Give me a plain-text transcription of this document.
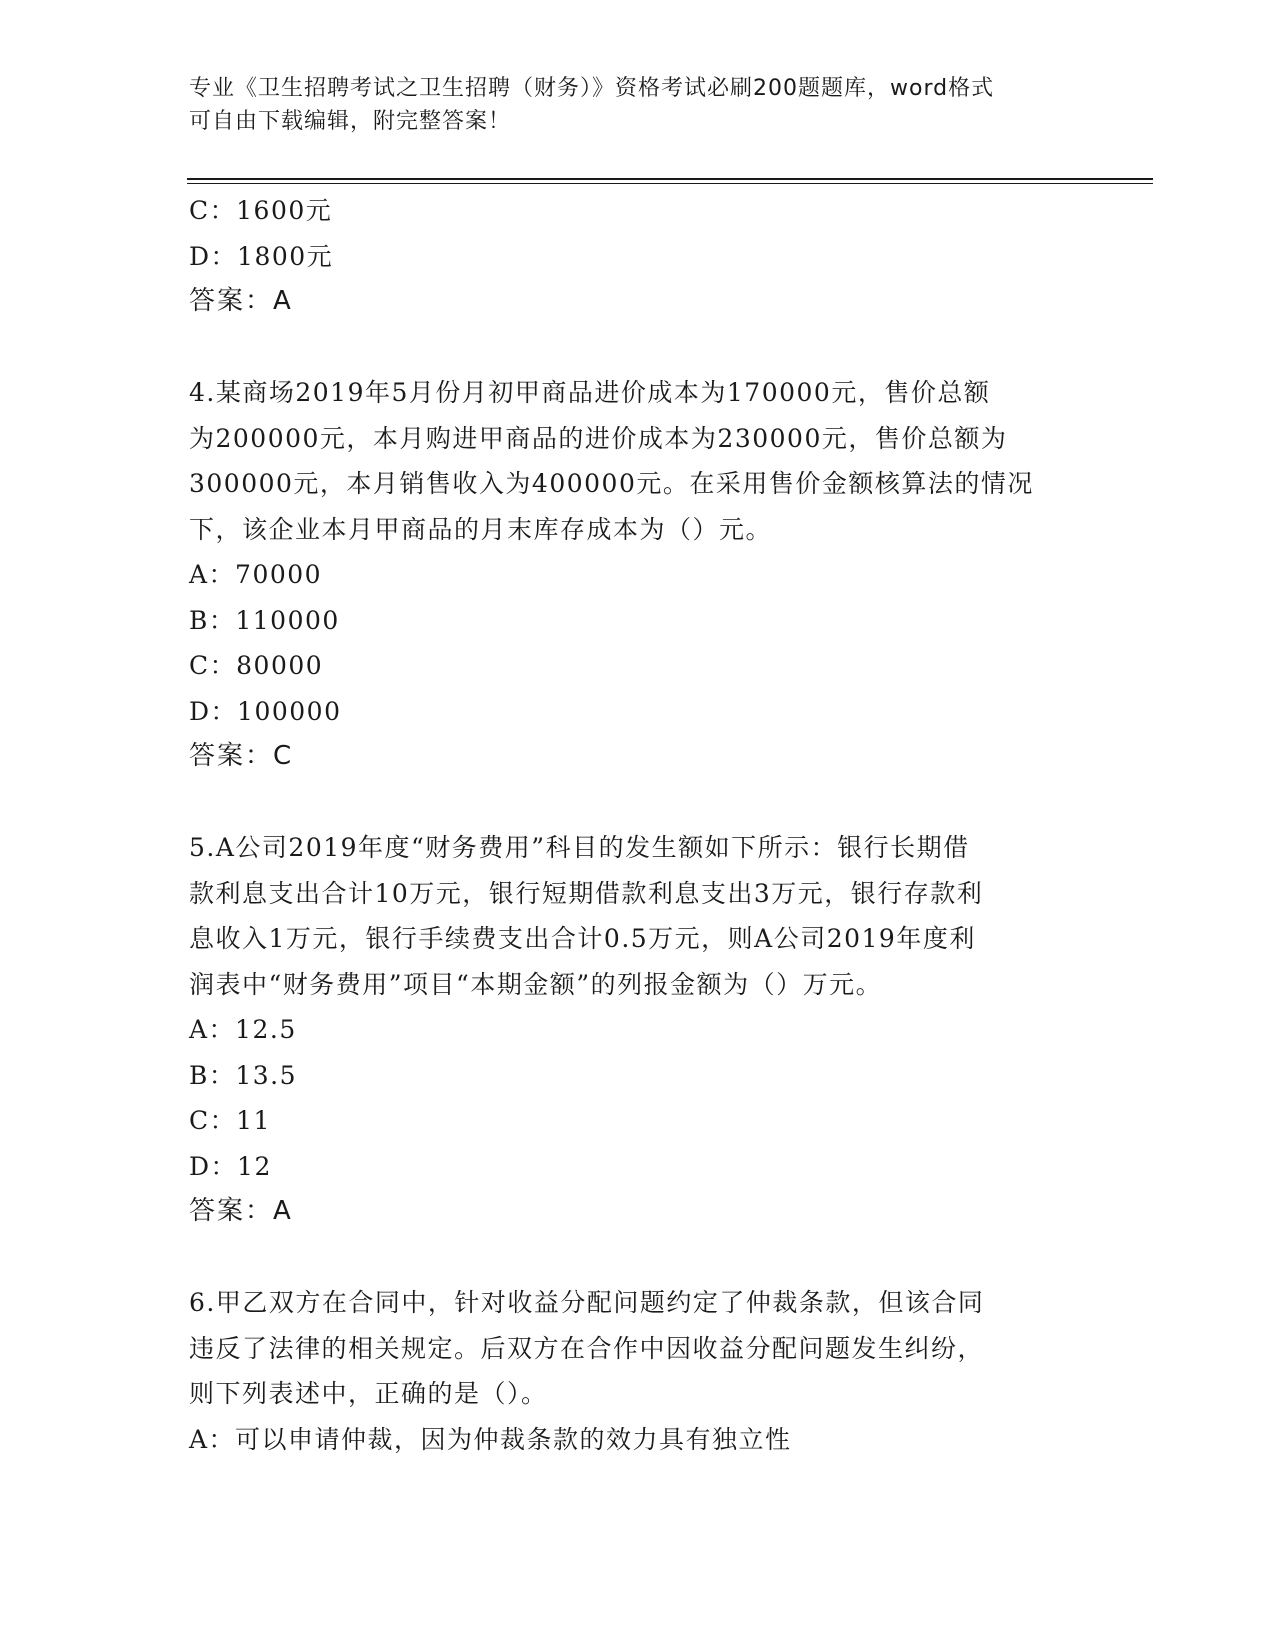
专业《卫生招聘考试之卫生招聘（财务）》资格考试必刷200题题库，word格式
可自由下载编辑，附完整答案！
C：1600元
D：1800元
答案：A
4.某商场2019年5月份月初甲商品进价成本为170000元，售价总额
为200000元，本月购进甲商品的进价成本为230000元，售价总额为
300000元，本月销售收入为400000元。在采用售价金额核算法的情况
下，该企业本月甲商品的月末库存成本为（）元。
A：70000
B：110000
C：80000
D：100000
答案：C
5.A公司2019年度“财务费用”科目的发生额如下所示：银行长期借
款利息支出合计10万元，银行短期借款利息支出3万元，银行存款利
息收入1万元，银行手续费支出合计0.5万元，则A公司2019年度利
润表中“财务费用”项目“本期金额”的列报金额为（）万元。
A：12.5
B：13.5
C：11
D：12
答案：A
6.甲乙双方在合同中，针对收益分配问题约定了仲裁条款，但该合同
违反了法律的相关规定。后双方在合作中因收益分配问题发生纠纷，
则下列表述中，正确的是（）。
A：可以申请仲裁，因为仲裁条款的效力具有独立性
